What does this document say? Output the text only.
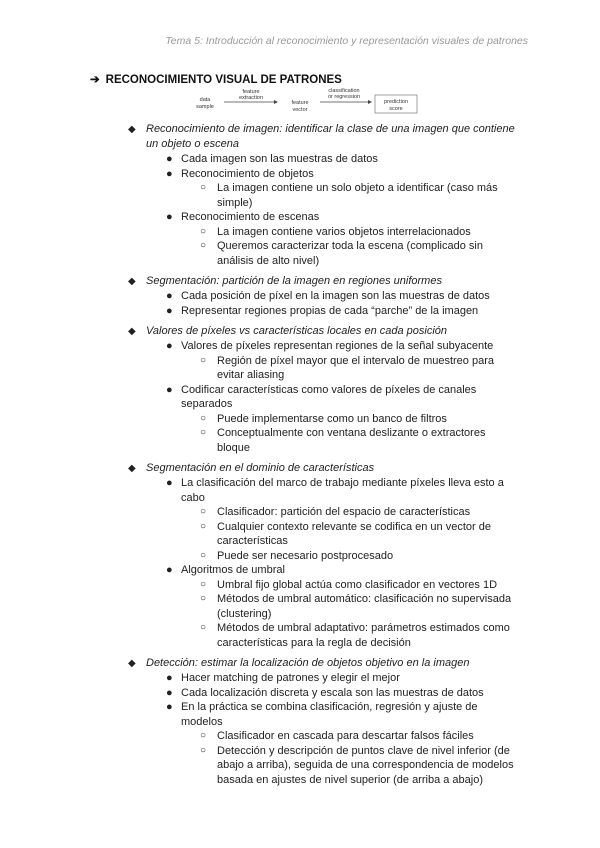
Tema 5: Introducción al reconocimiento y representación visuales de patrones
➔ RECONOCIMIENTO VISUAL DE PATRONES
data
sample
feature
extraction
feature
vector
classification
or regression
prediction
score
◆ Reconocimiento de imagen: identificar la clase de una imagen que contiene un objeto o escena
● Cada imagen son las muestras de datos
● Reconocimiento de objetos
○ La imagen contiene un solo objeto a identificar (caso más simple)
● Reconocimiento de escenas
○ La imagen contiene varios objetos interrelacionados
○ Queremos caracterizar toda la escena (complicado sin análisis de alto nivel)
◆ Segmentación: partición de la imagen en regiones uniformes
● Cada posición de píxel en la imagen son las muestras de datos
● Representar regiones propias de cada “parche” de la imagen
◆ Valores de píxeles vs características locales en cada posición
● Valores de píxeles representan regiones de la señal subyacente
○ Región de píxel mayor que el intervalo de muestreo para evitar aliasing
● Codificar características como valores de píxeles de canales separados
○ Puede implementarse como un banco de filtros
○ Conceptualmente con ventana deslizante o extractores bloque
◆ Segmentación en el dominio de características
● La clasificación del marco de trabajo mediante píxeles lleva esto a cabo
○ Clasificador: partición del espacio de características
○ Cualquier contexto relevante se codifica en un vector de características
○ Puede ser necesario postprocesado
● Algoritmos de umbral
○ Umbral fijo global actúa como clasificador en vectores 1D
○ Métodos de umbral automático: clasificación no supervisada (clustering)
○ Métodos de umbral adaptativo: parámetros estimados como características para la regla de decisión
◆ Detección: estimar la localización de objetos objetivo en la imagen
● Hacer matching de patrones y elegir el mejor
● Cada localización discreta y escala son las muestras de datos
● En la práctica se combina clasificación, regresión y ajuste de modelos
○ Clasificador en cascada para descartar falsos fáciles
○ Detección y descripción de puntos clave de nivel inferior (de abajo a arriba), seguida de una correspondencia de modelos basada en ajustes de nivel superior (de arriba a abajo)
